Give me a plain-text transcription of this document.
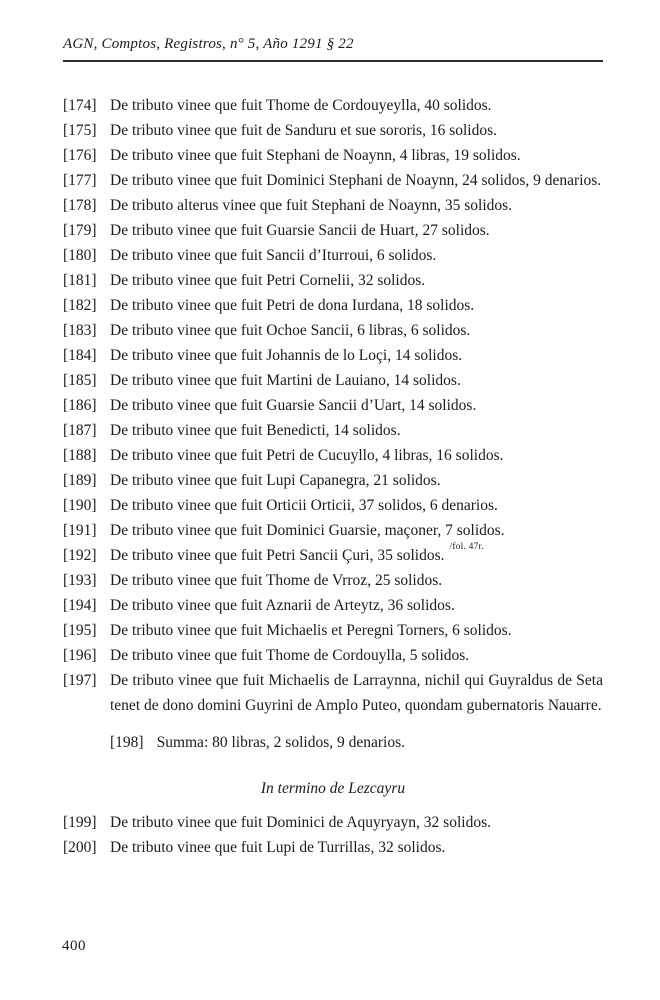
AGN, Comptos, Registros, n° 5, Año 1291 § 22
[174] De tributo vinee que fuit Thome de Cordouyeylla, 40 solidos.
[175] De tributo vinee que fuit de Sanduru et sue sororis, 16 solidos.
[176] De tributo vinee que fuit Stephani de Noaynn, 4 libras, 19 solidos.
[177] De tributo vinee que fuit Dominici Stephani de Noaynn, 24 solidos, 9 denarios.
[178] De tributo alterus vinee que fuit Stephani de Noaynn, 35 solidos.
[179] De tributo vinee que fuit Guarsie Sancii de Huart, 27 solidos.
[180] De tributo vinee que fuit Sancii d’Iturroui, 6 solidos.
[181] De tributo vinee que fuit Petri Cornelii, 32 solidos.
[182] De tributo vinee que fuit Petri de dona Iurdana, 18 solidos.
[183] De tributo vinee que fuit Ochoe Sancii, 6 libras, 6 solidos.
[184] De tributo vinee que fuit Johannis de lo Loçi, 14 solidos.
[185] De tributo vinee que fuit Martini de Lauiano, 14 solidos.
[186] De tributo vinee que fuit Guarsie Sancii d’Uart, 14 solidos.
[187] De tributo vinee que fuit Benedicti, 14 solidos.
[188] De tributo vinee que fuit Petri de Cucuyllo, 4 libras, 16 solidos.
[189] De tributo vinee que fuit Lupi Capanegra, 21 solidos.
[190] De tributo vinee que fuit Orticii Orticii, 37 solidos, 6 denarios.
[191] De tributo vinee que fuit Dominici Guarsie, maçoner, 7 solidos.
[192] De tributo vinee que fuit Petri Sancii Çuri, 35 solidos.$^{/fol. 47r.}$
[193] De tributo vinee que fuit Thome de Vrroz, 25 solidos.
[194] De tributo vinee que fuit Aznarii de Arteytz, 36 solidos.
[195] De tributo vinee que fuit Michaelis et Peregni Torners, 6 solidos.
[196] De tributo vinee que fuit Thome de Cordouylla, 5 solidos.
[197] De tributo vinee que fuit Michaelis de Larraynna, nichil qui Guyraldus de Seta tenet de dono domini Guyrini de Amplo Puteo, quondam gubernatoris Nauarre.
[198] Summa: 80 libras, 2 solidos, 9 denarios.
In termino de Lezcayru
[199] De tributo vinee que fuit Dominici de Aquyryayn, 32 solidos.
[200] De tributo vinee que fuit Lupi de Turrillas, 32 solidos.
400
